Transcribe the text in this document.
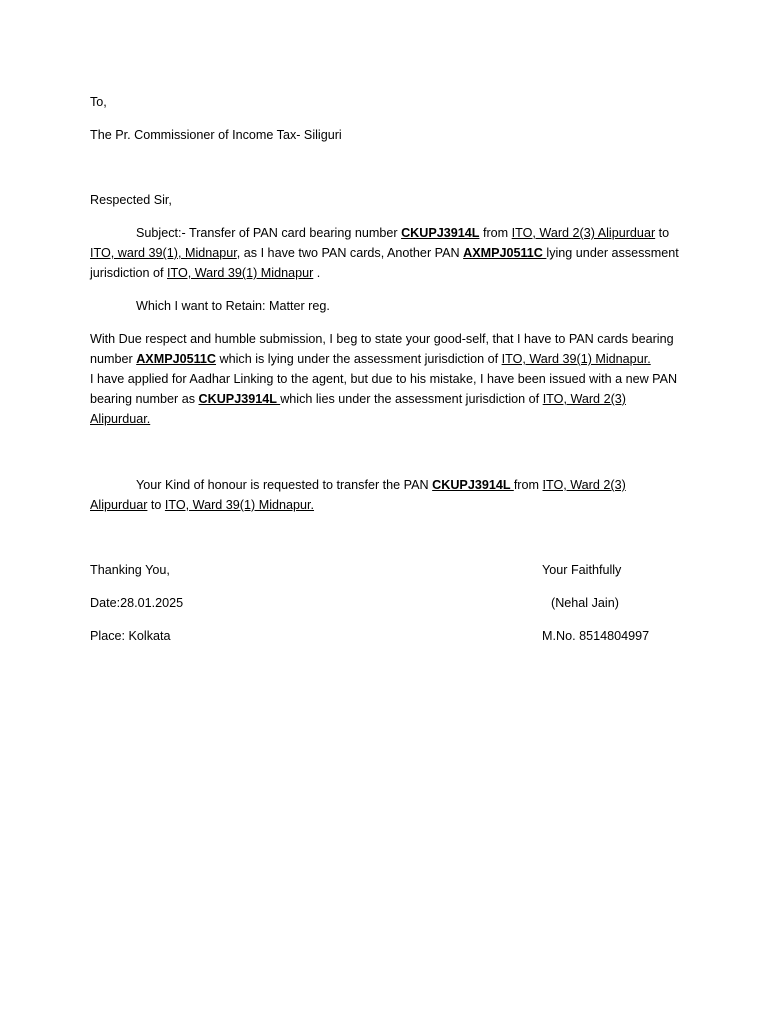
To,
The Pr. Commissioner of Income Tax- Siliguri
Respected Sir,
Subject:- Transfer of PAN card bearing number CKUPJ3914L from ITO, Ward 2(3) Alipurduar to
ITO, ward 39(1), Midnapur, as I have two PAN cards, Another PAN AXMPJ0511C lying under assessment
jurisdiction of ITO, Ward 39(1) Midnapur .
Which I want to Retain: Matter reg.
With Due respect and humble submission, I beg to state your good-self, that I have to PAN cards bearing
number AXMPJ0511C which is lying under the assessment jurisdiction of ITO, Ward 39(1) Midnapur.
I have applied for Aadhar Linking to the agent, but due to his mistake, I have been issued with a new PAN
bearing number as CKUPJ3914L which lies under the assessment jurisdiction of ITO, Ward 2(3)
Alipurduar.
Your Kind of honour is requested to transfer the PAN CKUPJ3914L from ITO, Ward 2(3)
Alipurduar to ITO, Ward 39(1) Midnapur.
Thanking You,
Date:28.01.2025
Place: Kolkata
Your Faithfully
(Nehal Jain)
M.No. 8514804997
